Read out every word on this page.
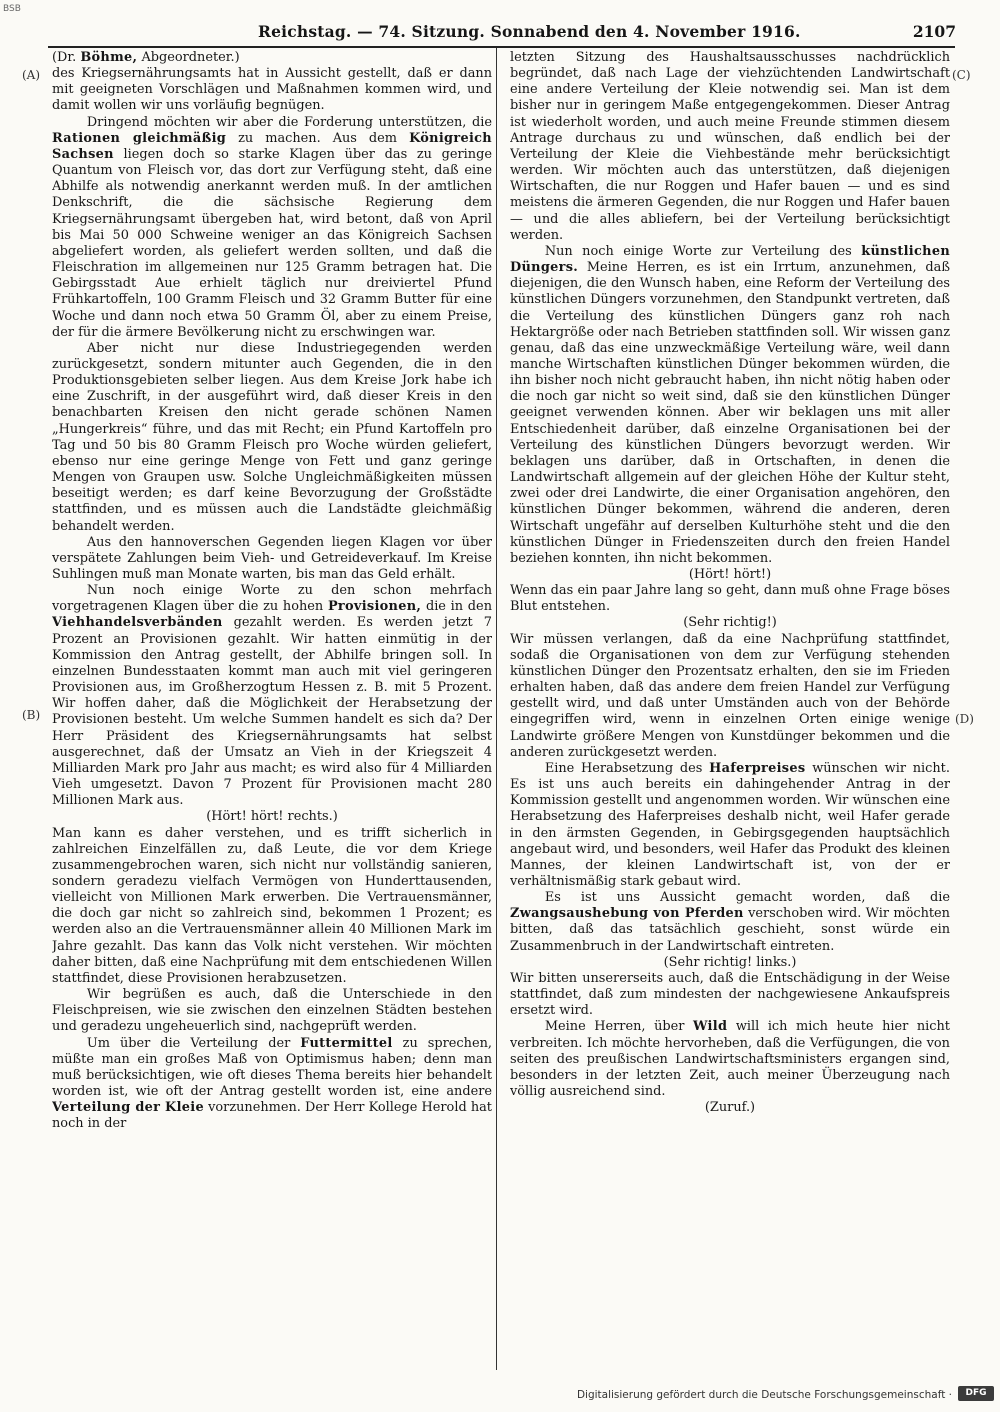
BSB
Reichstag. — 74. Sitzung. Sonnabend den 4. November 1916.	2107
(A)
(B)
(C)
(D)

(Dr. Böhme, Abgeordneter.)

des Kriegsernährungsamts hat in Aussicht gestellt, daß er dann mit geeigneten Vorschlägen und Maßnahmen kommen wird, und damit wollen wir uns vorläufig begnügen.

Dringend möchten wir aber die Forderung unterstützen, die Rationen gleichmäßig zu machen. Aus dem Königreich Sachsen liegen doch so starke Klagen über das zu geringe Quantum von Fleisch vor, das dort zur Verfügung steht, daß eine Abhilfe als notwendig anerkannt werden muß. In der amtlichen Denkschrift, die die sächsische Regierung dem Kriegsernährungsamt übergeben hat, wird betont, daß von April bis Mai 50 000 Schweine weniger an das Königreich Sachsen abgeliefert worden, als geliefert werden sollten, und daß die Fleischration im allgemeinen nur 125 Gramm betragen hat. Die Gebirgsstadt Aue erhielt täglich nur dreiviertel Pfund Frühkartoffeln, 100 Gramm Fleisch und 32 Gramm Butter für eine Woche und dann noch etwa 50 Gramm Öl, aber zu einem Preise, der für die ärmere Bevölkerung nicht zu erschwingen war.

Aber nicht nur diese Industriegegenden werden zurückgesetzt, sondern mitunter auch Gegenden, die in den Produktionsgebieten selber liegen. Aus dem Kreise Jork habe ich eine Zuschrift, in der ausgeführt wird, daß dieser Kreis in den benachbarten Kreisen den nicht gerade schönen Namen „Hungerkreis“ führe, und das mit Recht; ein Pfund Kartoffeln pro Tag und 50 bis 80 Gramm Fleisch pro Woche würden geliefert, ebenso nur eine geringe Menge von Fett und ganz geringe Mengen von Graupen usw. Solche Ungleichmäßigkeiten müssen beseitigt werden; es darf keine Bevorzugung der Großstädte stattfinden, und es müssen auch die Landstädte gleichmäßig behandelt werden.

Aus den hannoverschen Gegenden liegen Klagen vor über verspätete Zahlungen beim Vieh- und Getreideverkauf. Im Kreise Suhlingen muß man Monate warten, bis man das Geld erhält.

Nun noch einige Worte zu den schon mehrfach vorgetragenen Klagen über die zu hohen Provisionen, die in den Viehhandelsverbänden gezahlt werden. Es werden jetzt 7 Prozent an Provisionen gezahlt. Wir hatten einmütig in der Kommission den Antrag gestellt, der Abhilfe bringen soll. In einzelnen Bundesstaaten kommt man auch mit viel geringeren Provisionen aus, im Großherzogtum Hessen z. B. mit 5 Prozent. Wir hoffen daher, daß die Möglichkeit der Herabsetzung der Provisionen besteht. Um welche Summen handelt es sich da? Der Herr Präsident des Kriegsernährungsamts hat selbst ausgerechnet, daß der Umsatz an Vieh in der Kriegszeit 4 Milliarden Mark pro Jahr aus macht; es wird also für 4 Milliarden Vieh umgesetzt. Davon 7 Prozent für Provisionen macht 280 Millionen Mark aus.

(Hört! hört! rechts.)

Man kann es daher verstehen, und es trifft sicherlich in zahlreichen Einzelfällen zu, daß Leute, die vor dem Kriege zusammengebrochen waren, sich nicht nur vollständig sanieren, sondern geradezu vielfach Vermögen von Hunderttausenden, vielleicht von Millionen Mark erwerben. Die Vertrauensmänner, die doch gar nicht so zahlreich sind, bekommen 1 Prozent; es werden also an die Vertrauensmänner allein 40 Millionen Mark im Jahre gezahlt. Das kann das Volk nicht verstehen. Wir möchten daher bitten, daß eine Nachprüfung mit dem entschiedenen Willen stattfindet, diese Provisionen herabzusetzen.

Wir begrüßen es auch, daß die Unterschiede in den Fleischpreisen, wie sie zwischen den einzelnen Städten bestehen und geradezu ungeheuerlich sind, nachgeprüft werden.

Um über die Verteilung der Futtermittel zu sprechen, müßte man ein großes Maß von Optimismus haben; denn man muß berücksichtigen, wie oft dieses Thema bereits hier behandelt worden ist, wie oft der Antrag gestellt worden ist, eine andere Verteilung der Kleie vorzunehmen. Der Herr Kollege Herold hat noch in der

letzten Sitzung des Haushaltsausschusses nachdrücklich begründet, daß nach Lage der viehzüchtenden Landwirtschaft eine andere Verteilung der Kleie notwendig sei. Man ist dem bisher nur in geringem Maße entgegengekommen. Dieser Antrag ist wiederholt worden, und auch meine Freunde stimmen diesem Antrage durchaus zu und wünschen, daß endlich bei der Verteilung der Kleie die Viehbestände mehr berücksichtigt werden. Wir möchten auch das unterstützen, daß diejenigen Wirtschaften, die nur Roggen und Hafer bauen — und es sind meistens die ärmeren Gegenden, die nur Roggen und Hafer bauen — und die alles abliefern, bei der Verteilung berücksichtigt werden.

Nun noch einige Worte zur Verteilung des künstlichen Düngers. Meine Herren, es ist ein Irrtum, anzunehmen, daß diejenigen, die den Wunsch haben, eine Reform der Verteilung des künstlichen Düngers vorzunehmen, den Standpunkt vertreten, daß die Verteilung des künstlichen Düngers ganz roh nach Hektargröße oder nach Betrieben stattfinden soll. Wir wissen ganz genau, daß das eine unzweckmäßige Verteilung wäre, weil dann manche Wirtschaften künstlichen Dünger bekommen würden, die ihn bisher noch nicht gebraucht haben, ihn nicht nötig haben oder die noch gar nicht so weit sind, daß sie den künstlichen Dünger geeignet verwenden können. Aber wir beklagen uns mit aller Entschiedenheit darüber, daß einzelne Organisationen bei der Verteilung des künstlichen Düngers bevorzugt werden. Wir beklagen uns darüber, daß in Ortschaften, in denen die Landwirtschaft allgemein auf der gleichen Höhe der Kultur steht, zwei oder drei Landwirte, die einer Organisation angehören, den künstlichen Dünger bekommen, während die anderen, deren Wirtschaft ungefähr auf derselben Kulturhöhe steht und die den künstlichen Dünger in Friedenszeiten durch den freien Handel beziehen konnten, ihn nicht bekommen.

(Hört! hört!)

Wenn das ein paar Jahre lang so geht, dann muß ohne Frage böses Blut entstehen.

(Sehr richtig!)

Wir müssen verlangen, daß da eine Nachprüfung stattfindet, sodaß die Organisationen von dem zur Verfügung stehenden künstlichen Dünger den Prozentsatz erhalten, den sie im Frieden erhalten haben, daß das andere dem freien Handel zur Verfügung gestellt wird, und daß unter Umständen auch von der Behörde eingegriffen wird, wenn in einzelnen Orten einige wenige Landwirte größere Mengen von Kunstdünger bekommen und die anderen zurückgesetzt werden.

Eine Herabsetzung des Haferpreises wünschen wir nicht. Es ist uns auch bereits ein dahingehender Antrag in der Kommission gestellt und angenommen worden. Wir wünschen eine Herabsetzung des Haferpreises deshalb nicht, weil Hafer gerade in den ärmsten Gegenden, in Gebirgsgegenden hauptsächlich angebaut wird, und besonders, weil Hafer das Produkt des kleinen Mannes, der kleinen Landwirtschaft ist, von der er verhältnismäßig stark gebaut wird.

Es ist uns Aussicht gemacht worden, daß die Zwangsaushebung von Pferden verschoben wird. Wir möchten bitten, daß das tatsächlich geschieht, sonst würde ein Zusammenbruch in der Landwirtschaft eintreten.

(Sehr richtig! links.)

Wir bitten unsererseits auch, daß die Entschädigung in der Weise stattfindet, daß zum mindesten der nachgewiesene Ankaufspreis ersetzt wird.

Meine Herren, über Wild will ich mich heute hier nicht verbreiten. Ich möchte hervorheben, daß die Verfügungen, die von seiten des preußischen Landwirtschaftsministers ergangen sind, besonders in der letzten Zeit, auch meiner Überzeugung nach völlig ausreichend sind.

(Zuruf.)

Digitalisierung gefördert durch die Deutsche Forschungsgemeinschaft ·	DFG
